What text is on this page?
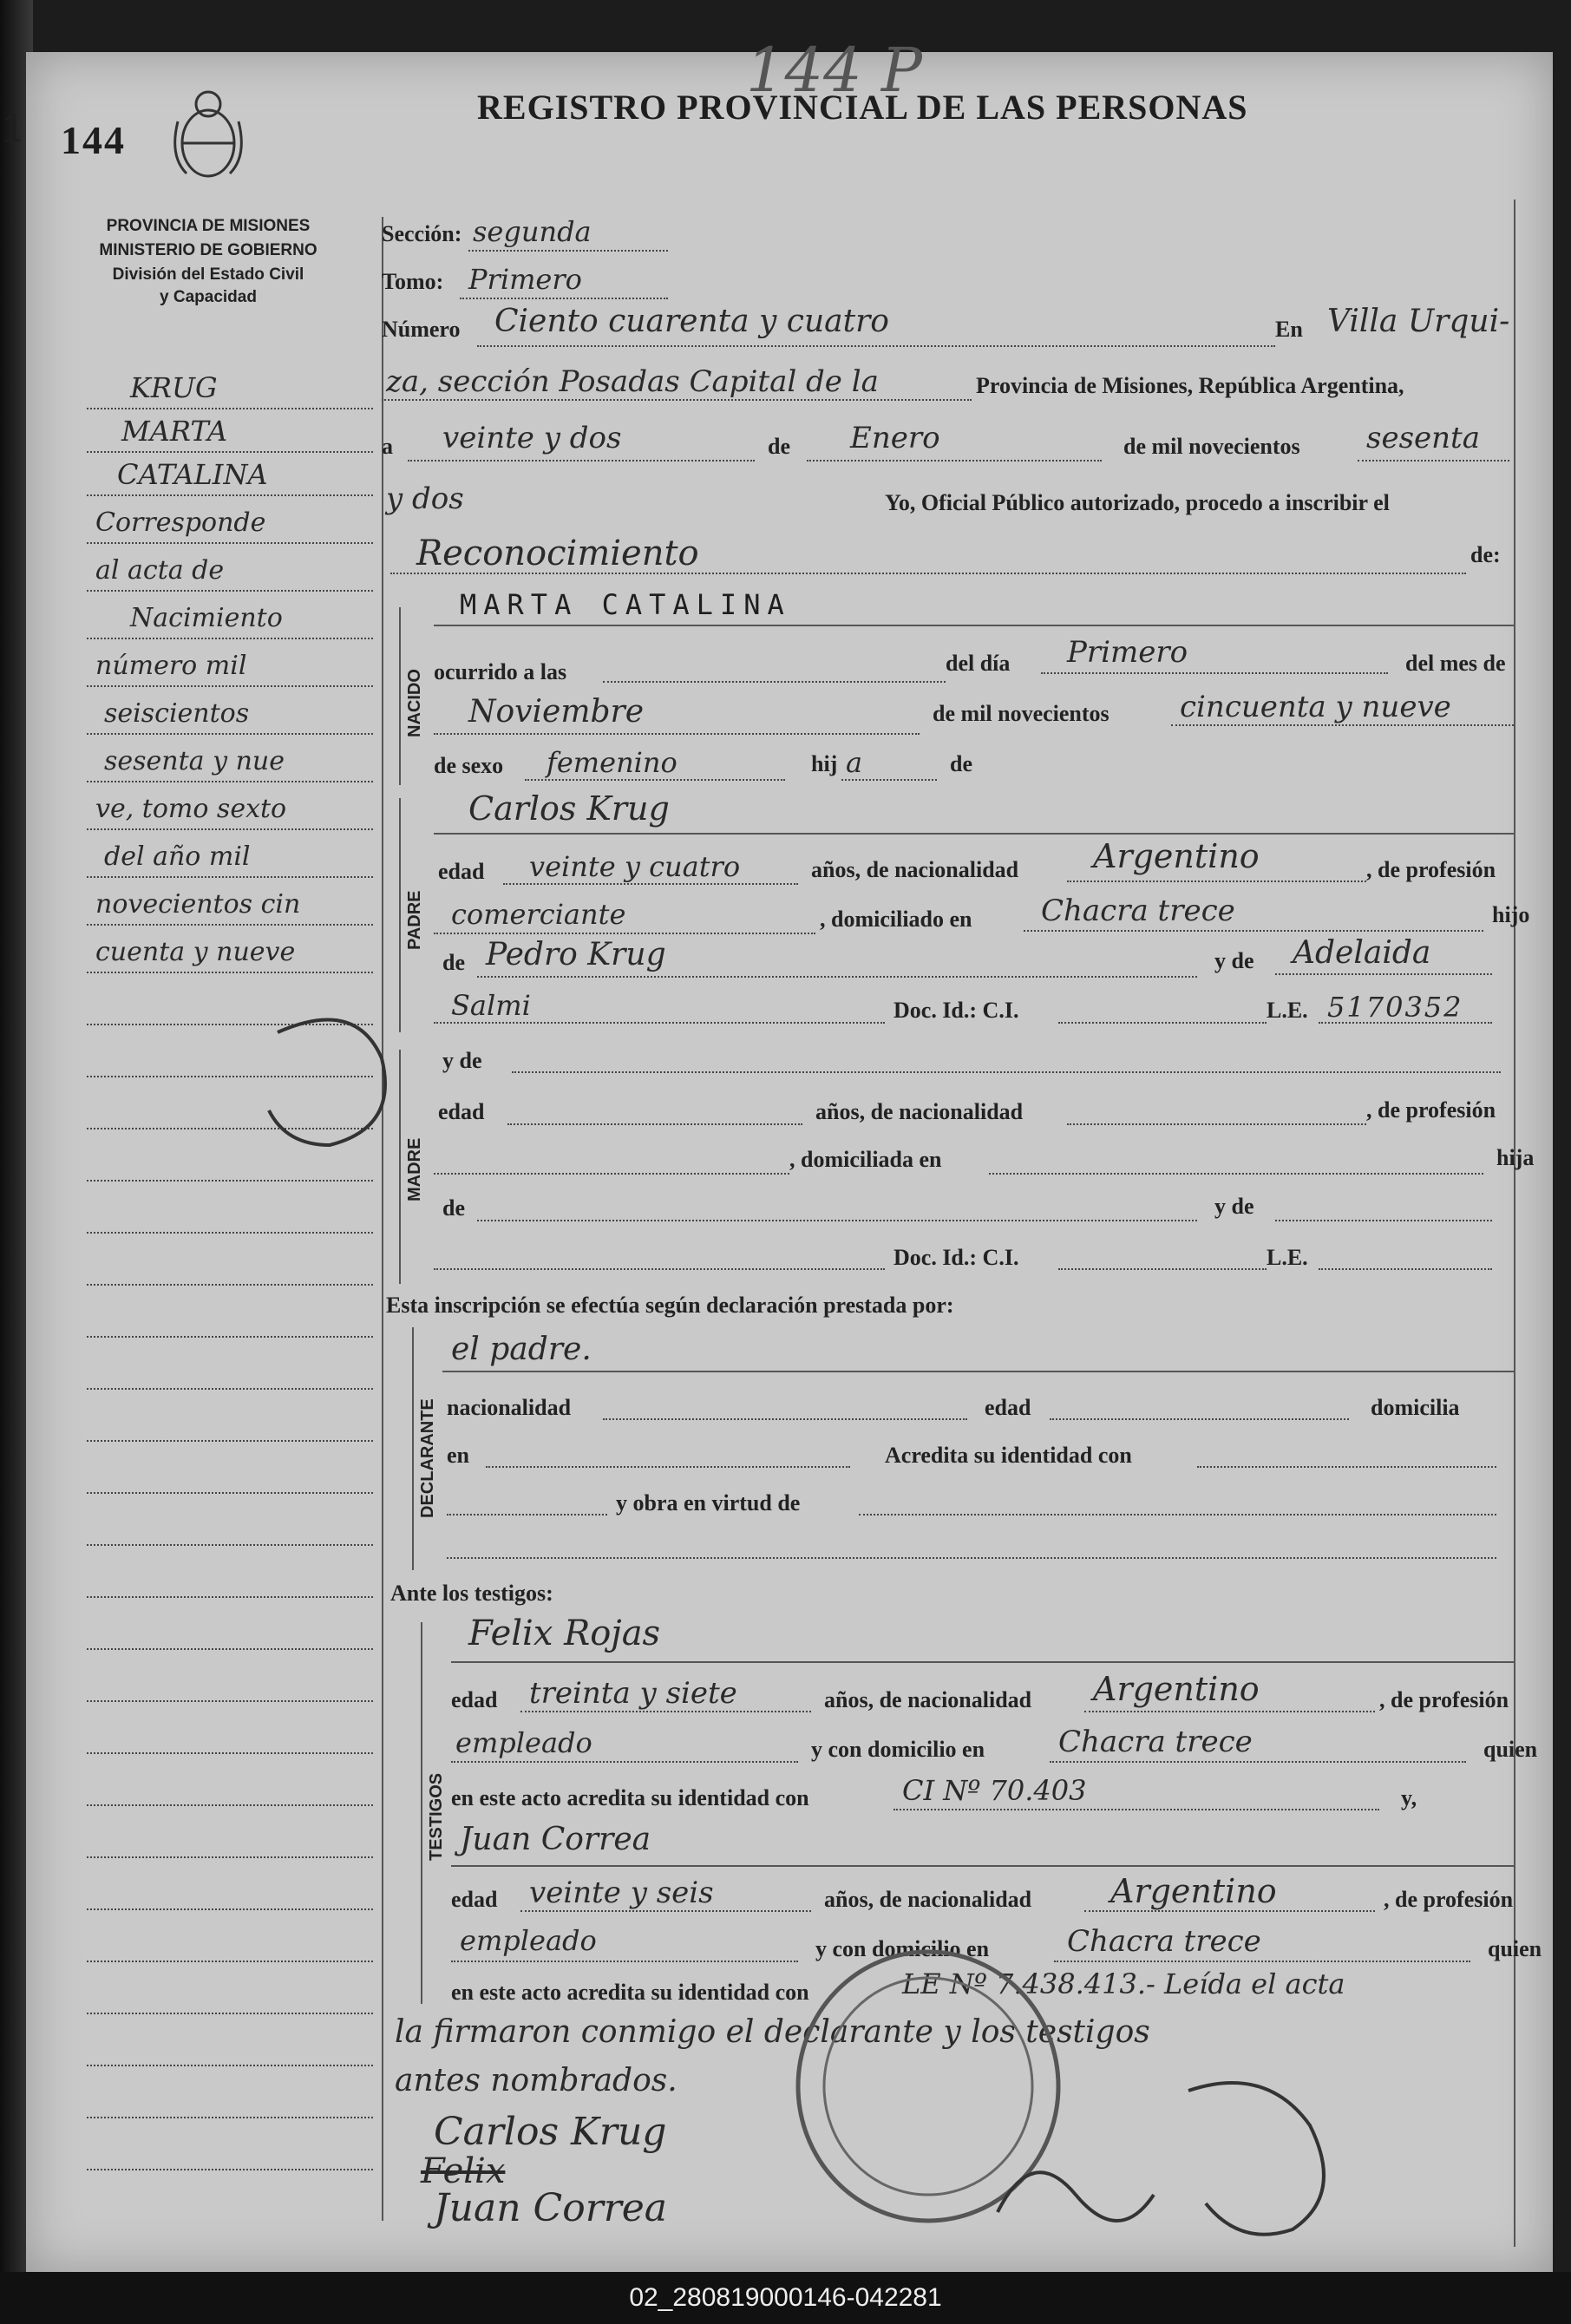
144 P
1 144
REGISTRO PROVINCIAL DE LAS PERSONAS
PROVINCIA DE MISIONES
MINISTERIO DE GOBIERNO
División del Estado Civil
y Capacidad
KRUG
MARTA
CATALINA
Corresponde
al acta de
Nacimiento
número mil
seiscientos
sesenta y nue
ve, tomo sexto
del año mil
novecientos cin
cuenta y nueve
Sección: segunda
Tomo: Primero
Número Ciento cuarenta y cuatro	En Villa Urqui-
za, sección Posadas Capital de la	Provincia de Misiones, República Argentina,
a veinte y dos	de Enero	de mil novecientos sesenta
y dos	Yo, Oficial Público autorizado, procedo a inscribir el
Reconocimiento	de:
NACIDO
MARTA CATALINA
ocurrido a las	del día Primero	del mes de
Noviembre	de mil novecientos cincuenta y nueve
de sexo femenino	hij a	de
PADRE
Carlos Krug
edad veinte y cuatro	años, de nacionalidad Argentino	, de profesión
comerciante	, domiciliado en Chacra trece	hijo
de Pedro Krug	y de Adelaida
Salmi	Doc. Id.: C.I.	L.E. 5170352
MADRE
y de
edad	años, de nacionalidad	, de profesión
, domiciliada en	hija
de	y de
Doc. Id.: C.I.	L.E.
Esta inscripción se efectúa según declaración prestada por:
DECLARANTE
el padre.
nacionalidad	edad	domicilia
en	Acredita su identidad con
y obra en virtud de
Ante los testigos:
TESTIGOS
Felix Rojas
edad treinta y siete	años, de nacionalidad Argentino	, de profesión
empleado	y con domicilio en Chacra trece	quien
en este acto acredita su identidad con	CI Nº 70.403	y,
Juan Correa
edad veinte y seis	años, de nacionalidad Argentino	, de profesión
empleado	y con domicilio en	Chacra trece	quien
en este acto acredita su identidad con	LE Nº 7.438.413.- Leída el acta
la firmaron conmigo el declarante y los testigos
antes nombrados.
Carlos Krug
Felix
Juan Correa
02_280819000146-042281
